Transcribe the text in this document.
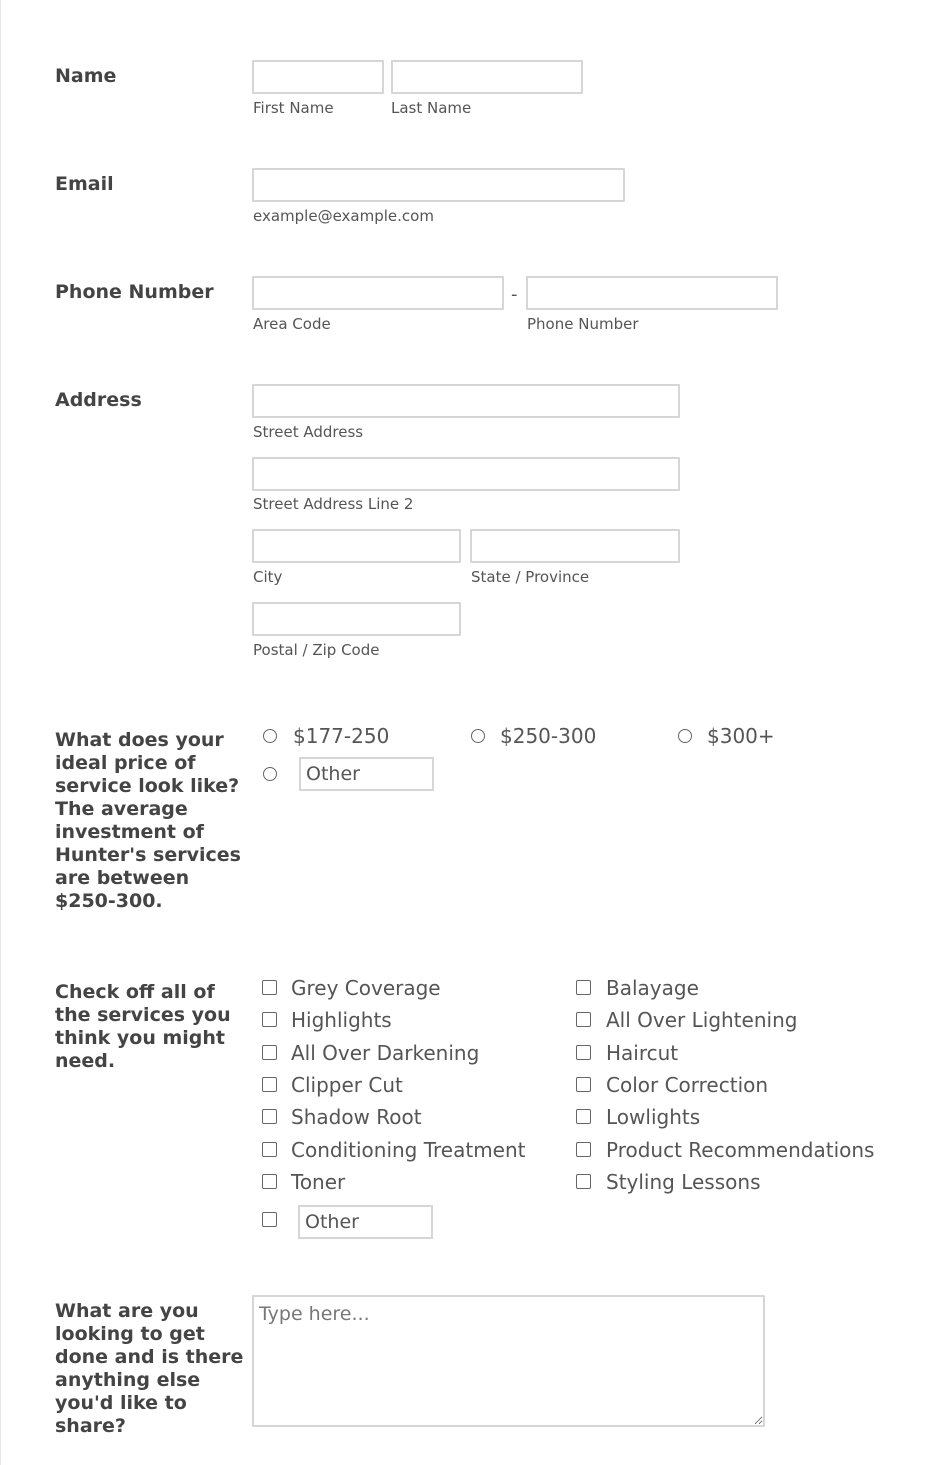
Name
First Name	Last Name
Email
example@example.com
Phone Number	-
Area Code	Phone Number
Address
Street Address
Street Address Line 2
City	State / Province
Postal / Zip Code
What does your ideal price of service look like? The average investment of Hunter's services are between $250-300.
$177-250	$250-300	$300+
Other
Check off all of the services you think you might need.
Grey Coverage
Highlights
All Over Darkening
Clipper Cut
Shadow Root
Conditioning Treatment
Toner
Balayage
All Over Lightening
Haircut
Color Correction
Lowlights
Product Recommendations
Styling Lessons
Other
What are you looking to get done and is there anything else you'd like to share?
Type here...
